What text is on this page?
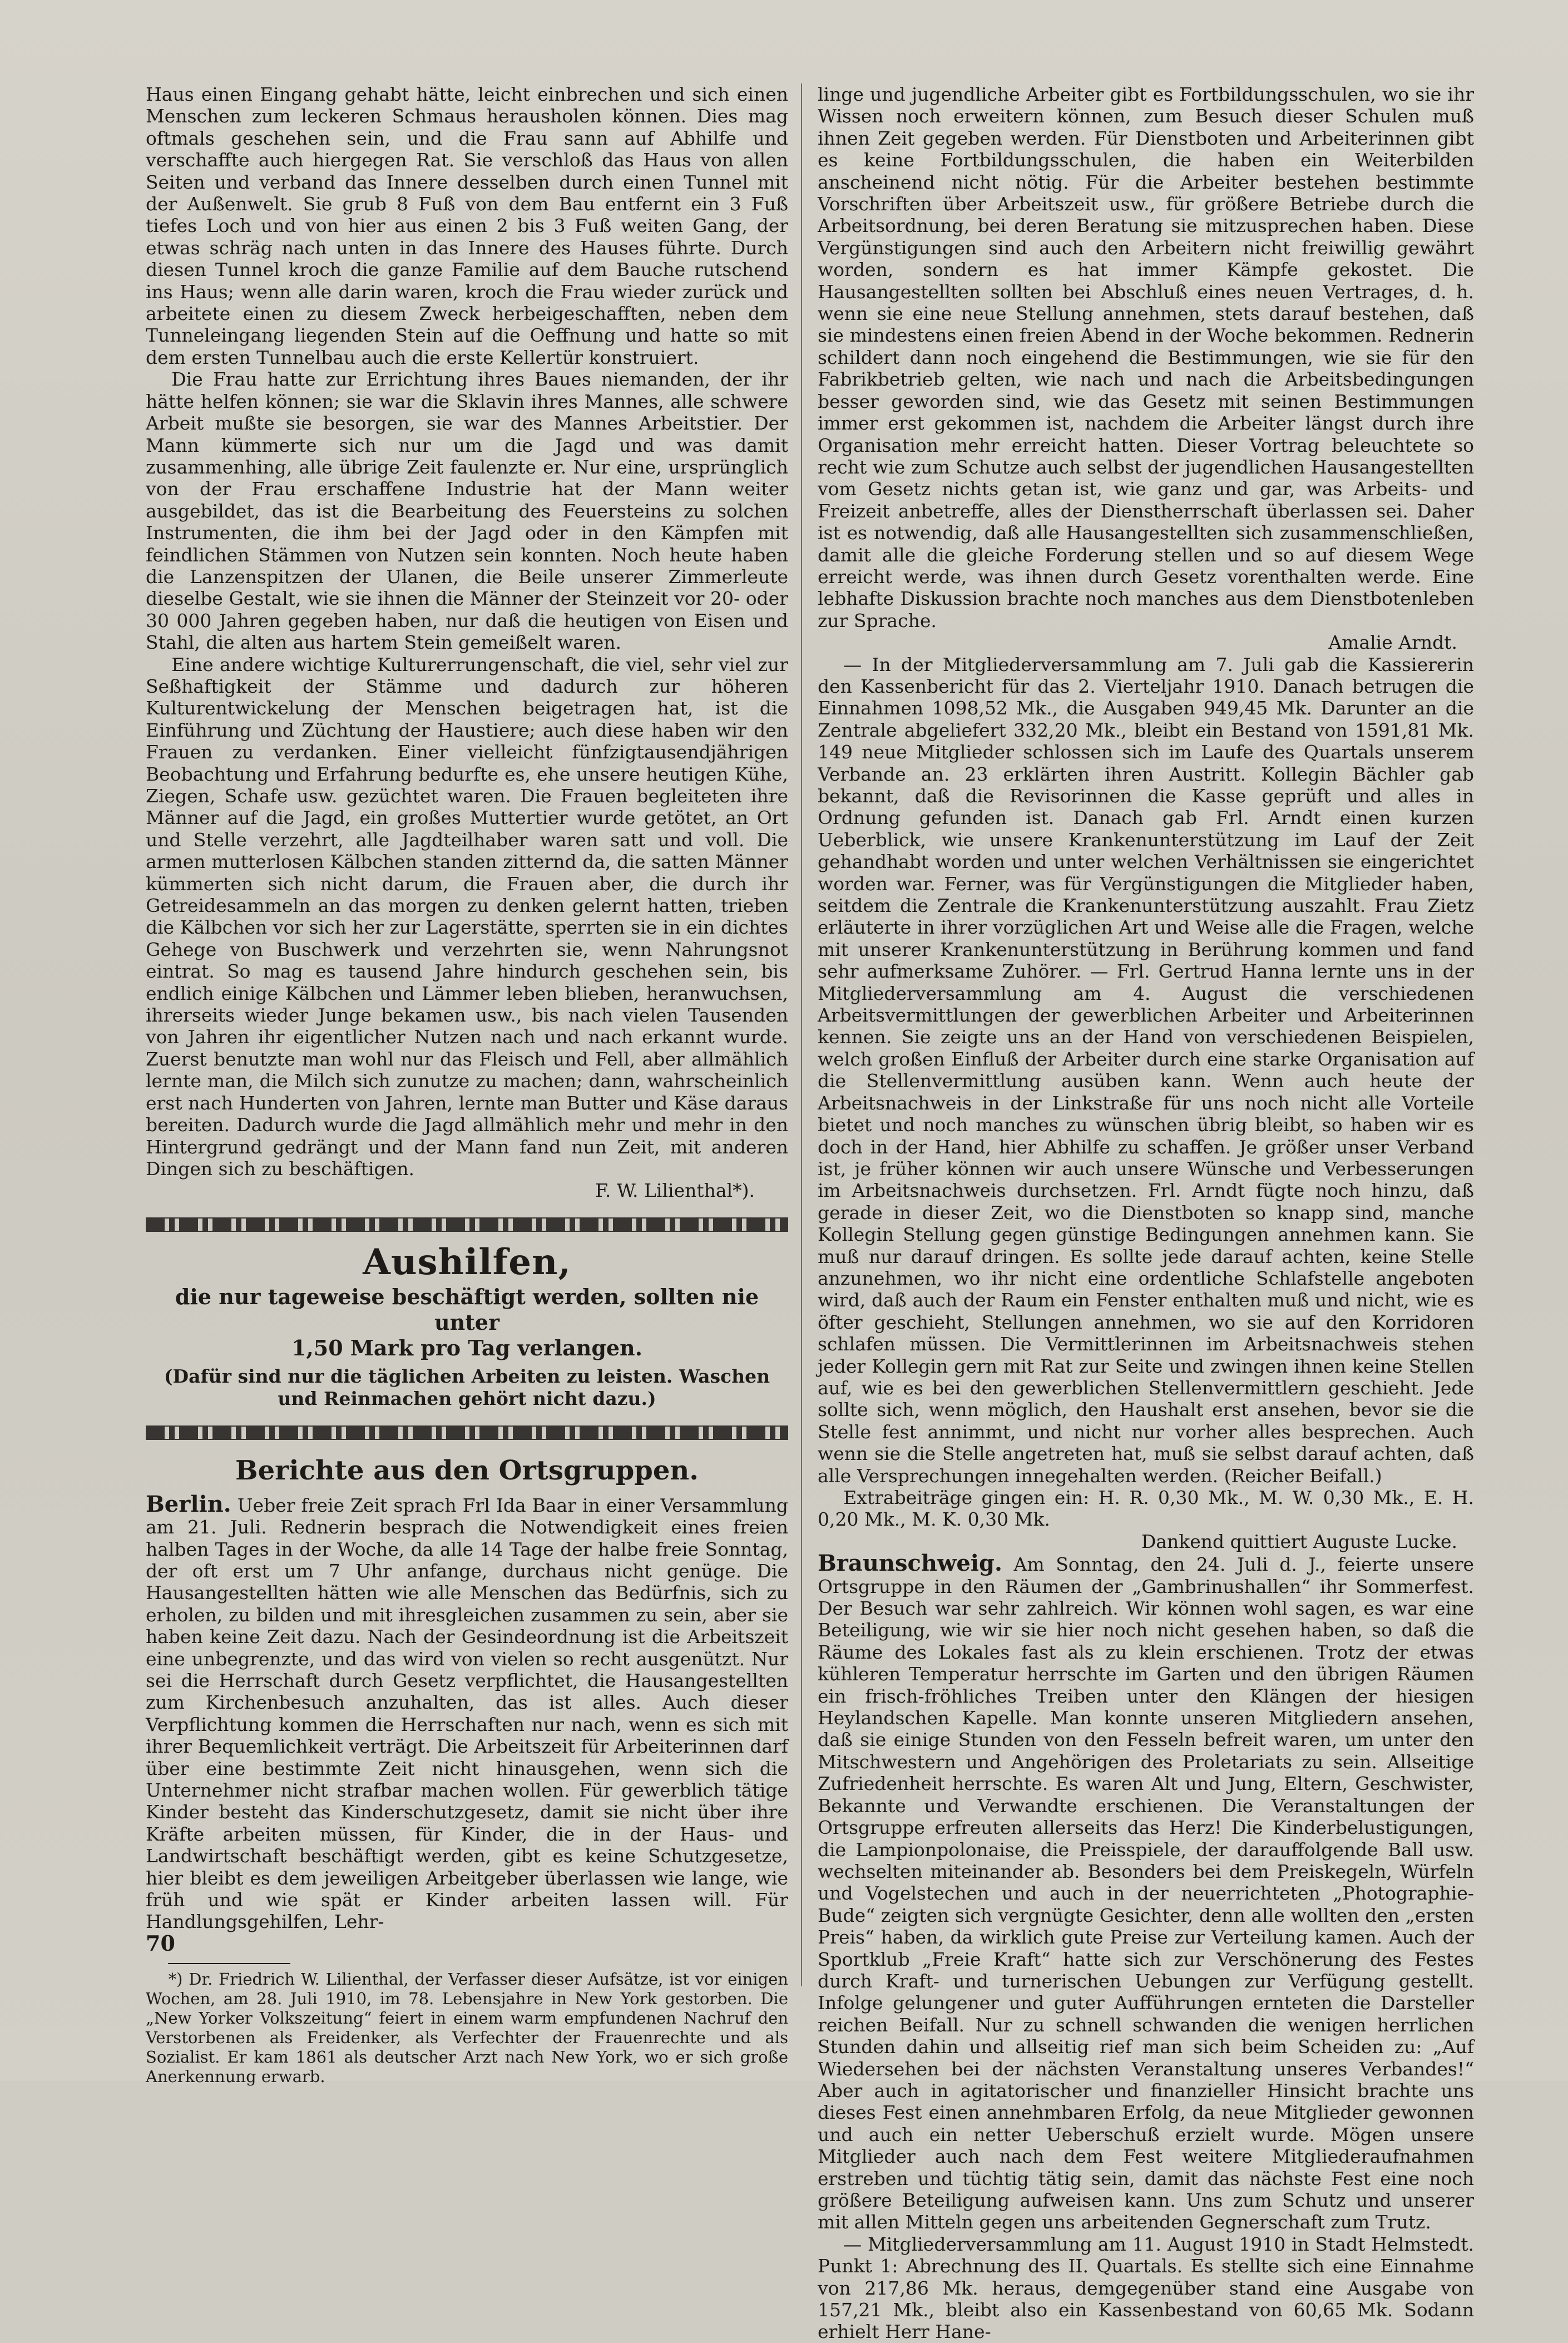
Haus einen Eingang gehabt hätte, leicht einbrechen und sich einen Menschen zum leckeren Schmaus herausholen können. Dies mag oftmals geschehen sein, und die Frau sann auf Abhilfe und verschaffte auch hiergegen Rat. Sie verschloß das Haus von allen Seiten und verband das Innere desselben durch einen Tunnel mit der Außenwelt. Sie grub 8 Fuß von dem Bau entfernt ein 3 Fuß tiefes Loch und von hier aus einen 2 bis 3 Fuß weiten Gang, der etwas schräg nach unten in das Innere des Hauses führte. Durch diesen Tunnel kroch die ganze Familie auf dem Bauche rutschend ins Haus; wenn alle darin waren, kroch die Frau wieder zurück und arbeitete einen zu diesem Zweck herbeigeschafften, neben dem Tunneleingang liegenden Stein auf die Oeffnung und hatte so mit dem ersten Tunnelbau auch die erste Kellertür konstruiert.

Die Frau hatte zur Errichtung ihres Baues niemanden, der ihr hätte helfen können; sie war die Sklavin ihres Mannes, alle schwere Arbeit mußte sie besorgen, sie war des Mannes Arbeitstier. Der Mann kümmerte sich nur um die Jagd und was damit zusammenhing, alle übrige Zeit faulenzte er. Nur eine, ursprünglich von der Frau erschaffene Industrie hat der Mann weiter ausgebildet, das ist die Bearbeitung des Feuersteins zu solchen Instrumenten, die ihm bei der Jagd oder in den Kämpfen mit feindlichen Stämmen von Nutzen sein konnten. Noch heute haben die Lanzenspitzen der Ulanen, die Beile unserer Zimmerleute dieselbe Gestalt, wie sie ihnen die Männer der Steinzeit vor 20- oder 30 000 Jahren gegeben haben, nur daß die heutigen von Eisen und Stahl, die alten aus hartem Stein gemeißelt waren.

Eine andere wichtige Kulturerrungenschaft, die viel, sehr viel zur Seßhaftigkeit der Stämme und dadurch zur höheren Kulturentwickelung der Menschen beigetragen hat, ist die Einführung und Züchtung der Haustiere; auch diese haben wir den Frauen zu verdanken. Einer vielleicht fünfzigtausendjährigen Beobachtung und Erfahrung bedurfte es, ehe unsere heutigen Kühe, Ziegen, Schafe usw. gezüchtet waren. Die Frauen begleiteten ihre Männer auf die Jagd, ein großes Muttertier wurde getötet, an Ort und Stelle verzehrt, alle Jagdteilhaber waren satt und voll. Die armen mutterlosen Kälbchen standen zitternd da, die satten Männer kümmerten sich nicht darum, die Frauen aber, die durch ihr Getreidesammeln an das morgen zu denken gelernt hatten, trieben die Kälbchen vor sich her zur Lagerstätte, sperrten sie in ein dichtes Gehege von Buschwerk und verzehrten sie, wenn Nahrungsnot eintrat. So mag es tausend Jahre hindurch geschehen sein, bis endlich einige Kälbchen und Lämmer leben blieben, heranwuchsen, ihrerseits wieder Junge bekamen usw., bis nach vielen Tausenden von Jahren ihr eigentlicher Nutzen nach und nach erkannt wurde. Zuerst benutzte man wohl nur das Fleisch und Fell, aber allmählich lernte man, die Milch sich zunutze zu machen; dann, wahrscheinlich erst nach Hunderten von Jahren, lernte man Butter und Käse daraus bereiten. Dadurch wurde die Jagd allmählich mehr und mehr in den Hintergrund gedrängt und der Mann fand nun Zeit, mit anderen Dingen sich zu beschäftigen.

F. W. Lilienthal*).

Aushilfen,
die nur tageweise beschäftigt werden, sollten nie unter
1,50 Mark pro Tag verlangen.
(Dafür sind nur die täglichen Arbeiten zu leisten. Waschen und Reinmachen gehört nicht dazu.)
Berichte aus den Ortsgruppen.

Berlin. Ueber freie Zeit sprach Frl Ida Baar in einer Versammlung am 21. Juli. Rednerin besprach die Notwendigkeit eines freien halben Tages in der Woche, da alle 14 Tage der halbe freie Sonntag, der oft erst um 7 Uhr anfange, durchaus nicht genüge. Die Hausangestellten hätten wie alle Menschen das Bedürfnis, sich zu erholen, zu bilden und mit ihresgleichen zusammen zu sein, aber sie haben keine Zeit dazu. Nach der Gesindeordnung ist die Arbeitszeit eine unbegrenzte, und das wird von vielen so recht ausgenützt. Nur sei die Herrschaft durch Gesetz verpflichtet, die Hausangestellten zum Kirchenbesuch anzuhalten, das ist alles. Auch dieser Verpflichtung kommen die Herrschaften nur nach, wenn es sich mit ihrer Bequemlichkeit verträgt. Die Arbeitszeit für Arbeiterinnen darf über eine bestimmte Zeit nicht hinausgehen, wenn sich die Unternehmer nicht strafbar machen wollen. Für gewerblich tätige Kinder besteht das Kinderschutzgesetz, damit sie nicht über ihre Kräfte arbeiten müssen, für Kinder, die in der Haus- und Landwirtschaft beschäftigt werden, gibt es keine Schutzgesetze, hier bleibt es dem jeweiligen Arbeitgeber überlassen wie lange, wie früh und wie spät er Kinder arbeiten lassen will. Für Handlungsgehilfen, Lehr-

*) Dr. Friedrich W. Lilienthal, der Verfasser dieser Aufsätze, ist vor einigen Wochen, am 28. Juli 1910, im 78. Lebensjahre in New York gestorben. Die „New Yorker Volkszeitung“ feiert in einem warm empfundenen Nachruf den Verstorbenen als Freidenker, als Verfechter der Frauenrechte und als Sozialist. Er kam 1861 als deutscher Arzt nach New York, wo er sich große Anerkennung erwarb.

linge und jugendliche Arbeiter gibt es Fortbildungsschulen, wo sie ihr Wissen noch erweitern können, zum Besuch dieser Schulen muß ihnen Zeit gegeben werden. Für Dienstboten und Arbeiterinnen gibt es keine Fortbildungsschulen, die haben ein Weiterbilden anscheinend nicht nötig. Für die Arbeiter bestehen bestimmte Vorschriften über Arbeitszeit usw., für größere Betriebe durch die Arbeitsordnung, bei deren Beratung sie mitzusprechen haben. Diese Vergünstigungen sind auch den Arbeitern nicht freiwillig gewährt worden, sondern es hat immer Kämpfe gekostet. Die Hausangestellten sollten bei Abschluß eines neuen Vertrages, d. h. wenn sie eine neue Stellung annehmen, stets darauf bestehen, daß sie mindestens einen freien Abend in der Woche bekommen. Rednerin schildert dann noch eingehend die Bestimmungen, wie sie für den Fabrikbetrieb gelten, wie nach und nach die Arbeitsbedingungen besser geworden sind, wie das Gesetz mit seinen Bestimmungen immer erst gekommen ist, nachdem die Arbeiter längst durch ihre Organisation mehr erreicht hatten. Dieser Vortrag beleuchtete so recht wie zum Schutze auch selbst der jugendlichen Hausangestellten vom Gesetz nichts getan ist, wie ganz und gar, was Arbeits- und Freizeit anbetreffe, alles der Dienstherrschaft überlassen sei. Daher ist es notwendig, daß alle Hausangestellten sich zusammenschließen, damit alle die gleiche Forderung stellen und so auf diesem Wege erreicht werde, was ihnen durch Gesetz vorenthalten werde. Eine lebhafte Diskussion brachte noch manches aus dem Dienstbotenleben zur Sprache.

Amalie Arndt.

— In der Mitgliederversammlung am 7. Juli gab die Kassiererin den Kassenbericht für das 2. Vierteljahr 1910. Danach betrugen die Einnahmen 1098,52 Mk., die Ausgaben 949,45 Mk. Darunter an die Zentrale abgeliefert 332,20 Mk., bleibt ein Bestand von 1591,81 Mk. 149 neue Mitglieder schlossen sich im Laufe des Quartals unserem Verbande an. 23 erklärten ihren Austritt. Kollegin Bächler gab bekannt, daß die Revisorinnen die Kasse geprüft und alles in Ordnung gefunden ist. Danach gab Frl. Arndt einen kurzen Ueberblick, wie unsere Krankenunterstützung im Lauf der Zeit gehandhabt worden und unter welchen Verhältnissen sie eingerichtet worden war. Ferner, was für Vergünstigungen die Mitglieder haben, seitdem die Zentrale die Krankenunterstützung auszahlt. Frau Zietz erläuterte in ihrer vorzüglichen Art und Weise alle die Fragen, welche mit unserer Krankenunterstützung in Berührung kommen und fand sehr aufmerksame Zuhörer. — Frl. Gertrud Hanna lernte uns in der Mitgliederversammlung am 4. August die verschiedenen Arbeitsvermittlungen der gewerblichen Arbeiter und Arbeiterinnen kennen. Sie zeigte uns an der Hand von verschiedenen Beispielen, welch großen Einfluß der Arbeiter durch eine starke Organisation auf die Stellenvermittlung ausüben kann. Wenn auch heute der Arbeitsnachweis in der Linkstraße für uns noch nicht alle Vorteile bietet und noch manches zu wünschen übrig bleibt, so haben wir es doch in der Hand, hier Abhilfe zu schaffen. Je größer unser Verband ist, je früher können wir auch unsere Wünsche und Verbesserungen im Arbeitsnachweis durchsetzen. Frl. Arndt fügte noch hinzu, daß gerade in dieser Zeit, wo die Dienstboten so knapp sind, manche Kollegin Stellung gegen günstige Bedingungen annehmen kann. Sie muß nur darauf dringen. Es sollte jede darauf achten, keine Stelle anzunehmen, wo ihr nicht eine ordentliche Schlafstelle angeboten wird, daß auch der Raum ein Fenster enthalten muß und nicht, wie es öfter geschieht, Stellungen annehmen, wo sie auf den Korridoren schlafen müssen. Die Vermittlerinnen im Arbeitsnachweis stehen jeder Kollegin gern mit Rat zur Seite und zwingen ihnen keine Stellen auf, wie es bei den gewerblichen Stellenvermittlern geschieht. Jede sollte sich, wenn möglich, den Haushalt erst ansehen, bevor sie die Stelle fest annimmt, und nicht nur vorher alles besprechen. Auch wenn sie die Stelle angetreten hat, muß sie selbst darauf achten, daß alle Versprechungen innegehalten werden. (Reicher Beifall.)

Extrabeiträge gingen ein: H. R. 0,30 Mk., M. W. 0,30 Mk., E. H. 0,20 Mk., M. K. 0,30 Mk.

Dankend quittiert Auguste Lucke.

Braunschweig. Am Sonntag, den 24. Juli d. J., feierte unsere Ortsgruppe in den Räumen der „Gambrinushallen“ ihr Sommerfest. Der Besuch war sehr zahlreich. Wir können wohl sagen, es war eine Beteiligung, wie wir sie hier noch nicht gesehen haben, so daß die Räume des Lokales fast als zu klein erschienen. Trotz der etwas kühleren Temperatur herrschte im Garten und den übrigen Räumen ein frisch-fröhliches Treiben unter den Klängen der hiesigen Heylandschen Kapelle. Man konnte unseren Mitgliedern ansehen, daß sie einige Stunden von den Fesseln befreit waren, um unter den Mitschwestern und Angehörigen des Proletariats zu sein. Allseitige Zufriedenheit herrschte. Es waren Alt und Jung, Eltern, Geschwister, Bekannte und Verwandte erschienen. Die Veranstaltungen der Ortsgruppe erfreuten allerseits das Herz! Die Kinderbelustigungen, die Lampionpolonaise, die Preisspiele, der darauffolgende Ball usw. wechselten miteinander ab. Besonders bei dem Preiskegeln, Würfeln und Vogelstechen und auch in der neuerrichteten „Photographie-Bude“ zeigten sich vergnügte Gesichter, denn alle wollten den „ersten Preis“ haben, da wirklich gute Preise zur Verteilung kamen. Auch der Sportklub „Freie Kraft“ hatte sich zur Verschönerung des Festes durch Kraft- und turnerischen Uebungen zur Verfügung gestellt. Infolge gelungener und guter Aufführungen ernteten die Darsteller reichen Beifall. Nur zu schnell schwanden die wenigen herrlichen Stunden dahin und allseitig rief man sich beim Scheiden zu: „Auf Wiedersehen bei der nächsten Veranstaltung unseres Verbandes!“ Aber auch in agitatorischer und finanzieller Hinsicht brachte uns dieses Fest einen annehmbaren Erfolg, da neue Mitglieder gewonnen und auch ein netter Ueberschuß erzielt wurde. Mögen unsere Mitglieder auch nach dem Fest weitere Mitgliederaufnahmen erstreben und tüchtig tätig sein, damit das nächste Fest eine noch größere Beteiligung aufweisen kann. Uns zum Schutz und unserer mit allen Mitteln gegen uns arbeitenden Gegnerschaft zum Trutz.

— Mitgliederversammlung am 11. August 1910 in Stadt Helmstedt. Punkt 1: Abrechnung des II. Quartals. Es stellte sich eine Einnahme von 217,86 Mk. heraus, demgegenüber stand eine Ausgabe von 157,21 Mk., bleibt also ein Kassenbestand von 60,65 Mk. Sodann erhielt Herr Hane-

70
